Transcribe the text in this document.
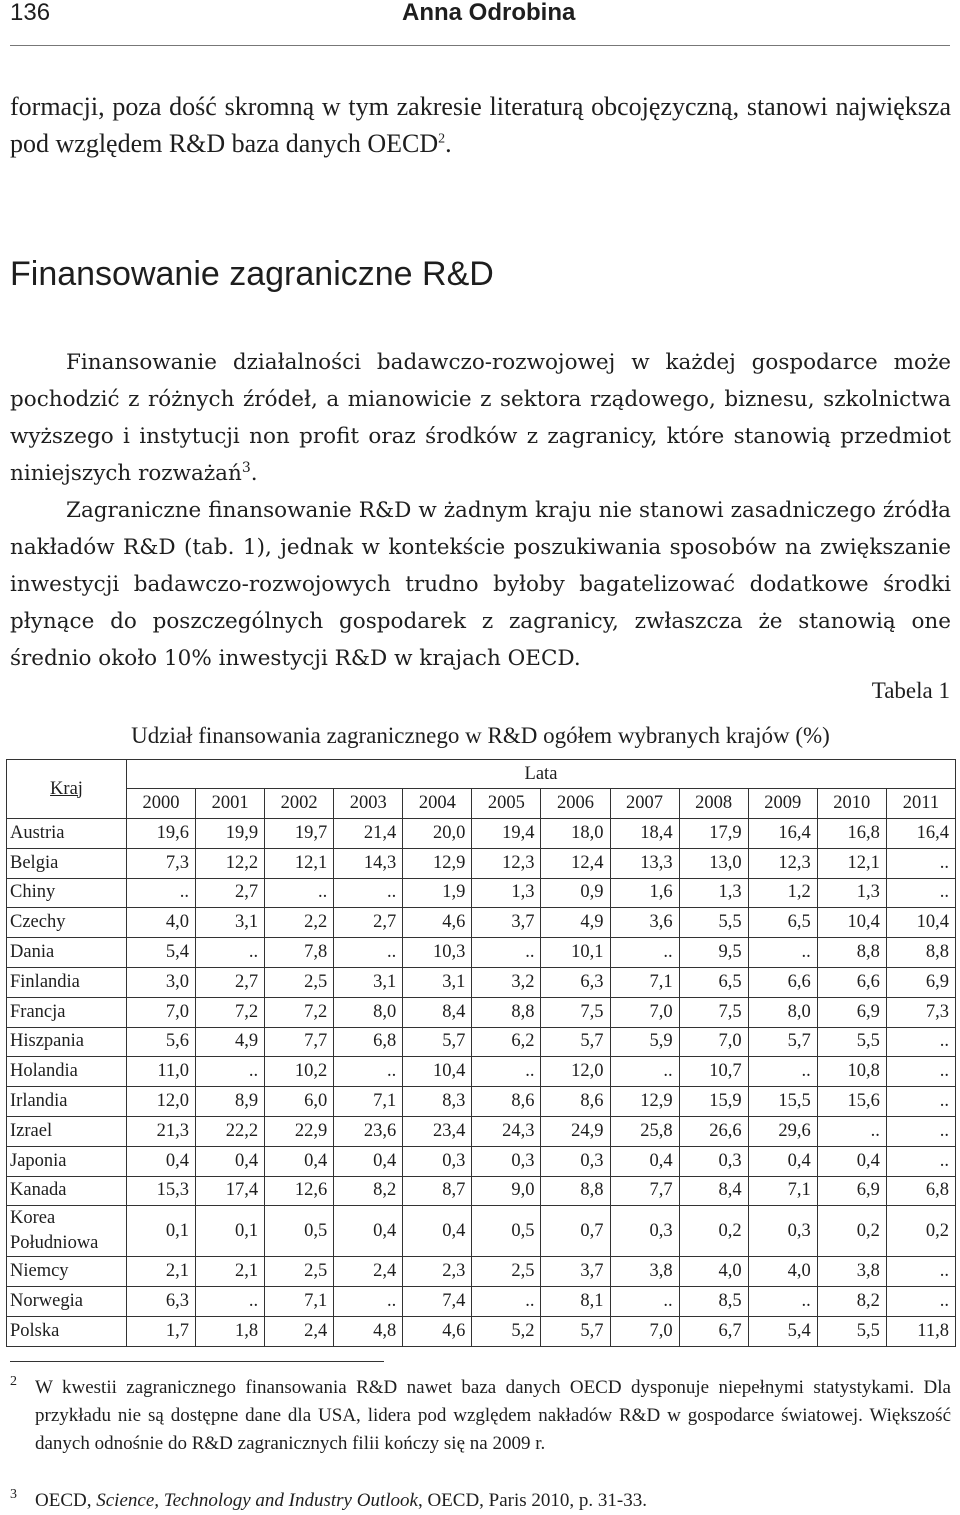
136	Anna Odrobina

formacji, poza dość skromną w tym zakresie literaturą obcojęzyczną, stanowi największa pod względem R&D baza danych OECD$^2$.

Finansowanie zagraniczne R&D

Finansowanie działalności badawczo-rozwojowej w każdej gospodarce może pochodzić z różnych źródeł, a mianowicie z sektora rządowego, biznesu, szkolnictwa wyższego i instytucji non profit oraz środków z zagranicy, które stanowią przedmiot niniejszych rozważań$^3$.

Zagraniczne finansowanie R&D w żadnym kraju nie stanowi zasadniczego źródła nakładów R&D (tab. 1), jednak w kontekście poszukiwania sposobów na zwiększanie inwestycji badawczo-rozwojowych trudno byłoby bagatelizować dodatkowe środki płynące do poszczególnych gospodarek z zagranicy, zwłaszcza że stanowią one średnio około 10% inwestycji R&D w krajach OECD.

Tabela 1
Udział finansowania zagranicznego w R&D ogółem wybranych krajów (%)
Kraj	Lata											
	2000	2001	2002	2003	2004	2005	2006	2007	2008	2009	2010	2011
Austria	19,6	19,9	19,7	21,4	20,0	19,4	18,0	18,4	17,9	16,4	16,8	16,4
Belgia	7,3	12,2	12,1	14,3	12,9	12,3	12,4	13,3	13,0	12,3	12,1	..
Chiny	..	2,7	..	..	1,9	1,3	0,9	1,6	1,3	1,2	1,3	..
Czechy	4,0	3,1	2,2	2,7	4,6	3,7	4,9	3,6	5,5	6,5	10,4	10,4
Dania	5,4	..	7,8	..	10,3	..	10,1	..	9,5	..	8,8	8,8
Finlandia	3,0	2,7	2,5	3,1	3,1	3,2	6,3	7,1	6,5	6,6	6,6	6,9
Francja	7,0	7,2	7,2	8,0	8,4	8,8	7,5	7,0	7,5	8,0	6,9	7,3
Hiszpania	5,6	4,9	7,7	6,8	5,7	6,2	5,7	5,9	7,0	5,7	5,5	..
Holandia	11,0	..	10,2	..	10,4	..	12,0	..	10,7	..	10,8	..
Irlandia	12,0	8,9	6,0	7,1	8,3	8,6	8,6	12,9	15,9	15,5	15,6	..
Izrael	21,3	22,2	22,9	23,6	23,4	24,3	24,9	25,8	26,6	29,6	..	..
Japonia	0,4	0,4	0,4	0,4	0,3	0,3	0,3	0,4	0,3	0,4	0,4	..
Kanada	15,3	17,4	12,6	8,2	8,7	9,0	8,8	7,7	8,4	7,1	6,9	6,8
Korea Południowa	0,1	0,1	0,5	0,4	0,4	0,5	0,7	0,3	0,2	0,3	0,2	0,2
Niemcy	2,1	2,1	2,5	2,4	2,3	2,5	3,7	3,8	4,0	4,0	3,8	..
Norwegia	6,3	..	7,1	..	7,4	..	8,1	..	8,5	..	8,2	..
Polska	1,7	1,8	2,4	4,8	4,6	5,2	5,7	7,0	6,7	5,4	5,5	11,8
2 W kwestii zagranicznego finansowania R&D nawet baza danych OECD dysponuje niepełnymi statystykami. Dla przykładu nie są dostępne dane dla USA, lidera pod względem nakładów R&D w gospodarce światowej. Większość danych odnośnie do R&D zagranicznych filii kończy się na 2009 r.
3 OECD, Science, Technology and Industry Outlook, OECD, Paris 2010, p. 31-33.
